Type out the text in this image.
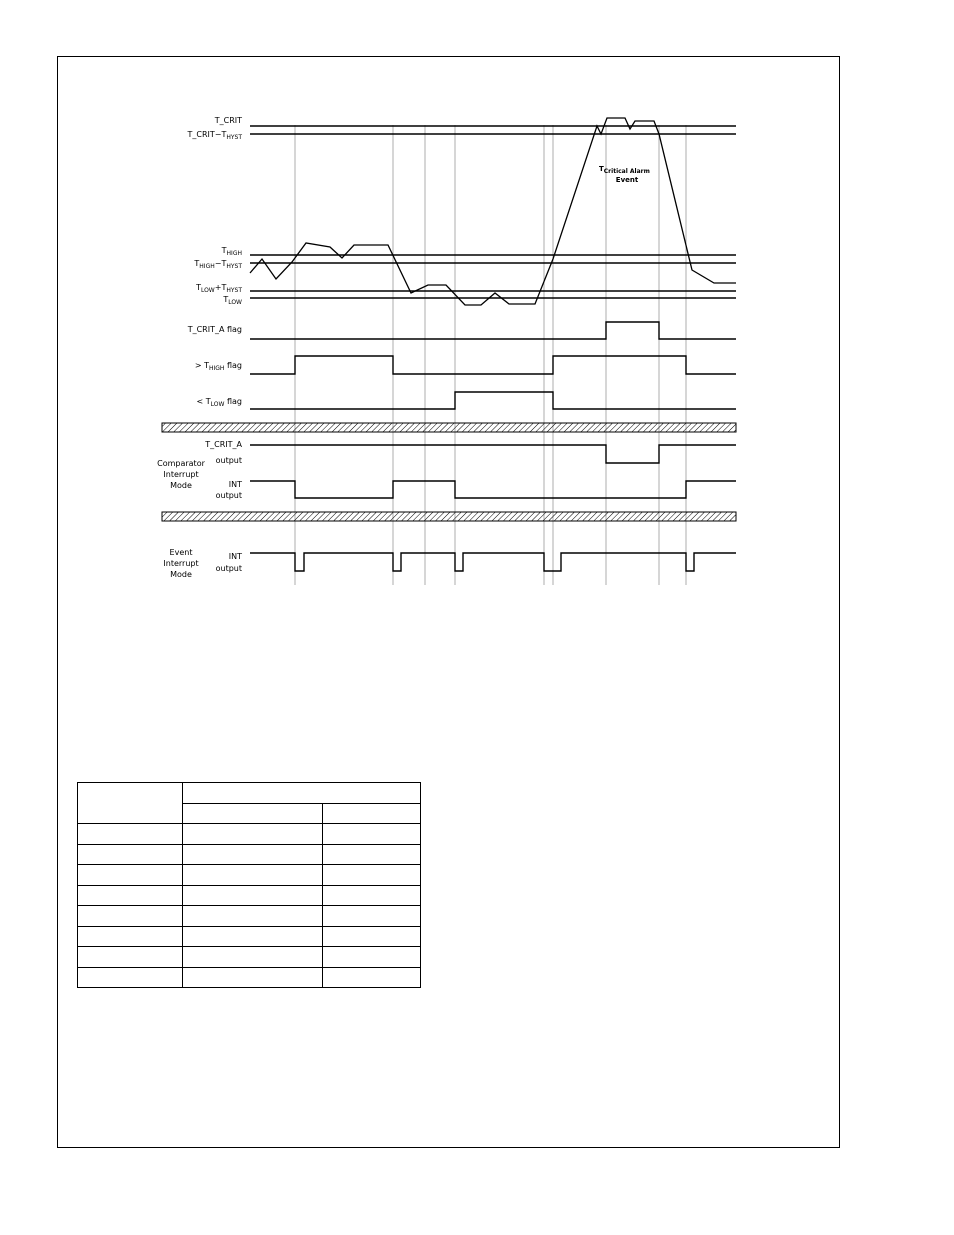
T_CRIT
$T\_CRIT-T_{HYST}$
$T_{HIGH}$
$T_{HIGH}-T_{HYST}$
$T_{LOW}+T_{HYST}$
$T_{LOW}$
T_CRIT_A flag
> $T_{HIGH}$ flag
< $T_{LOW}$ flag
T_CRIT_A
output
INT
output
Comparator
Interrupt
Mode
INT
output
Event
Interrupt
Mode
TCritical Alarm
Event
